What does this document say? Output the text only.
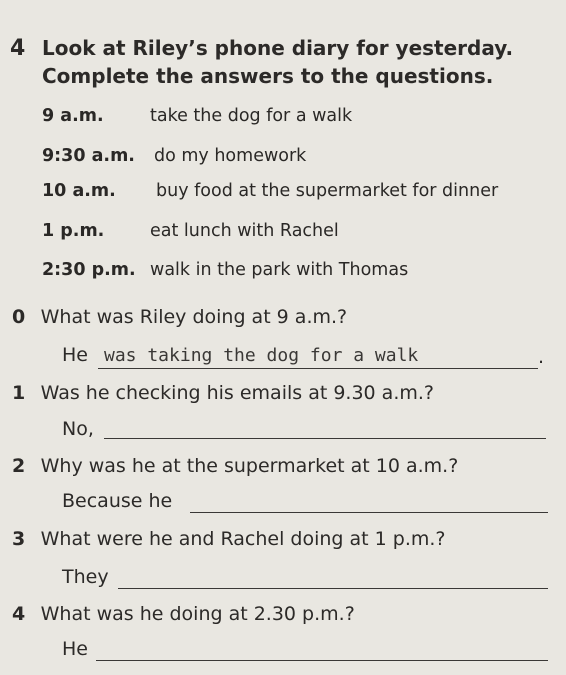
4 Look at Riley’s phone diary for yesterday.
Complete the answers to the questions.
9 a.m.	take the dog for a walk
9:30 a.m. do my homework
10 a.m. buy food at the supermarket for dinner
1 p.m.	eat lunch with Rachel
2:30 p.m. walk in the park with Thomas
0 What was Riley doing at 9 a.m.?
He was taking the dog for a walk	.
1 Was he checking his emails at 9.30 a.m.?
No,
2 Why was he at the supermarket at 10 a.m.?
Because he
3 What were he and Rachel doing at 1 p.m.?
They
4 What was he doing at 2.30 p.m.?
He
